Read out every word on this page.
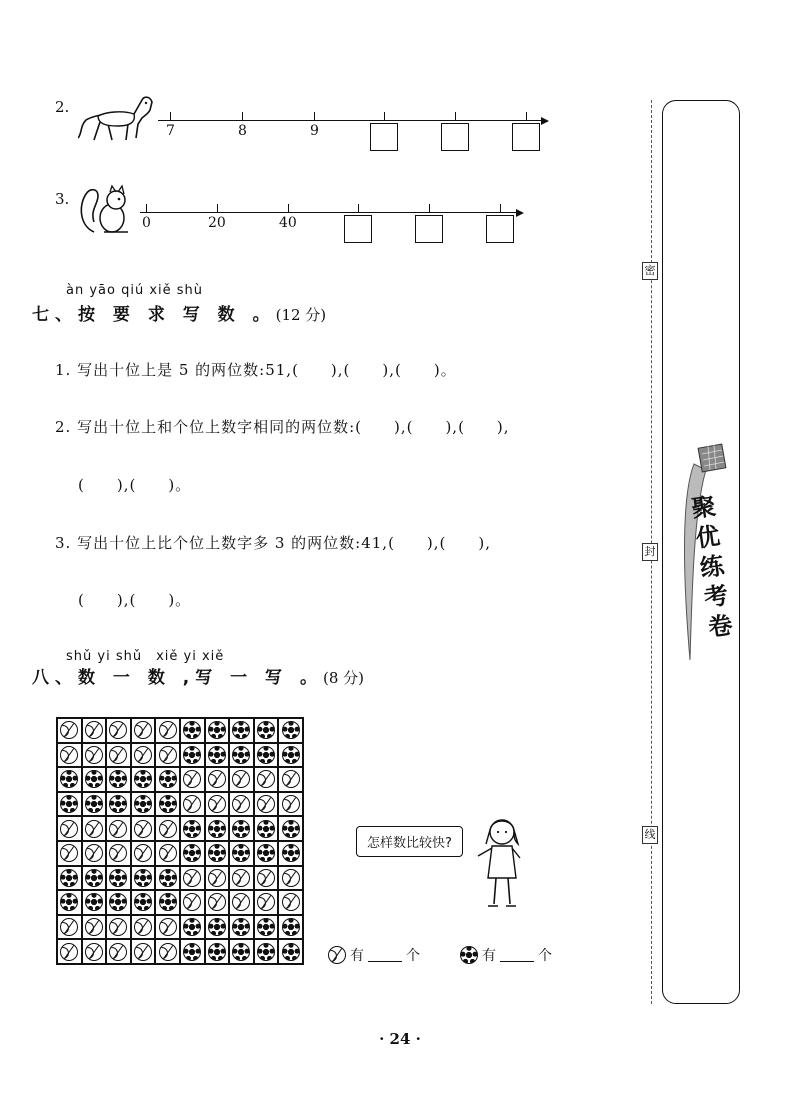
2.
7	8	9
3.
0	20	40
àn yāo qiú xiě shù
七、按 要 求 写 数 。(12 分)
1. 写出十位上是 5 的两位数:51,(　　),(　　),(　　)。
2. 写出十位上和个位上数字相同的两位数:(　　),(　　),(　　),
(　　),(　　)。
3. 写出十位上比个位上数字多 3 的两位数:41,(　　),(　　),
(　　),(　　)。
shǔ yi shǔ　xiě yi xiě
八、数 一 数 ,写 一 写 。(8 分)
怎样数比较快?
有	个	有	个
密
封
线
聚优练考卷
· 24 ·
